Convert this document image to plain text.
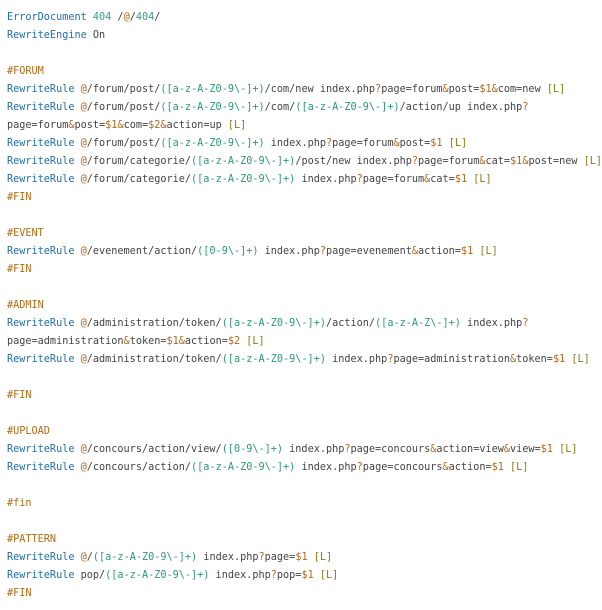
ErrorDocument 404 /@/404/
RewriteEngine On
#FORUM
RewriteRule @/forum/post/([a-z-A-Z0-9\-]+)/com/new index.php?page=forum&post=$1&com=new [L]
RewriteRule @/forum/post/([a-z-A-Z0-9\-]+)/com/([a-z-A-Z0-9\-]+)/action/up index.php?
page=forum&post=$1&com=$2&action=up [L]
RewriteRule @/forum/post/([a-z-A-Z0-9\-]+) index.php?page=forum&post=$1 [L]
RewriteRule @/forum/categorie/([a-z-A-Z0-9\-]+)/post/new index.php?page=forum&cat=$1&post=new [L]
RewriteRule @/forum/categorie/([a-z-A-Z0-9\-]+) index.php?page=forum&cat=$1 [L]
#FIN
#EVENT
RewriteRule @/evenement/action/([0-9\-]+) index.php?page=evenement&action=$1 [L]
#FIN
#ADMIN
RewriteRule @/administration/token/([a-z-A-Z0-9\-]+)/action/([a-z-A-Z\-]+) index.php?
page=administration&token=$1&action=$2 [L]
RewriteRule @/administration/token/([a-z-A-Z0-9\-]+) index.php?page=administration&token=$1 [L]
#FIN
#UPLOAD
RewriteRule @/concours/action/view/([0-9\-]+) index.php?page=concours&action=view&view=$1 [L]
RewriteRule @/concours/action/([a-z-A-Z0-9\-]+) index.php?page=concours&action=$1 [L]
#fin
#PATTERN
RewriteRule @/([a-z-A-Z0-9\-]+) index.php?page=$1 [L]
RewriteRule pop/([a-z-A-Z0-9\-]+) index.php?pop=$1 [L]
#FIN
